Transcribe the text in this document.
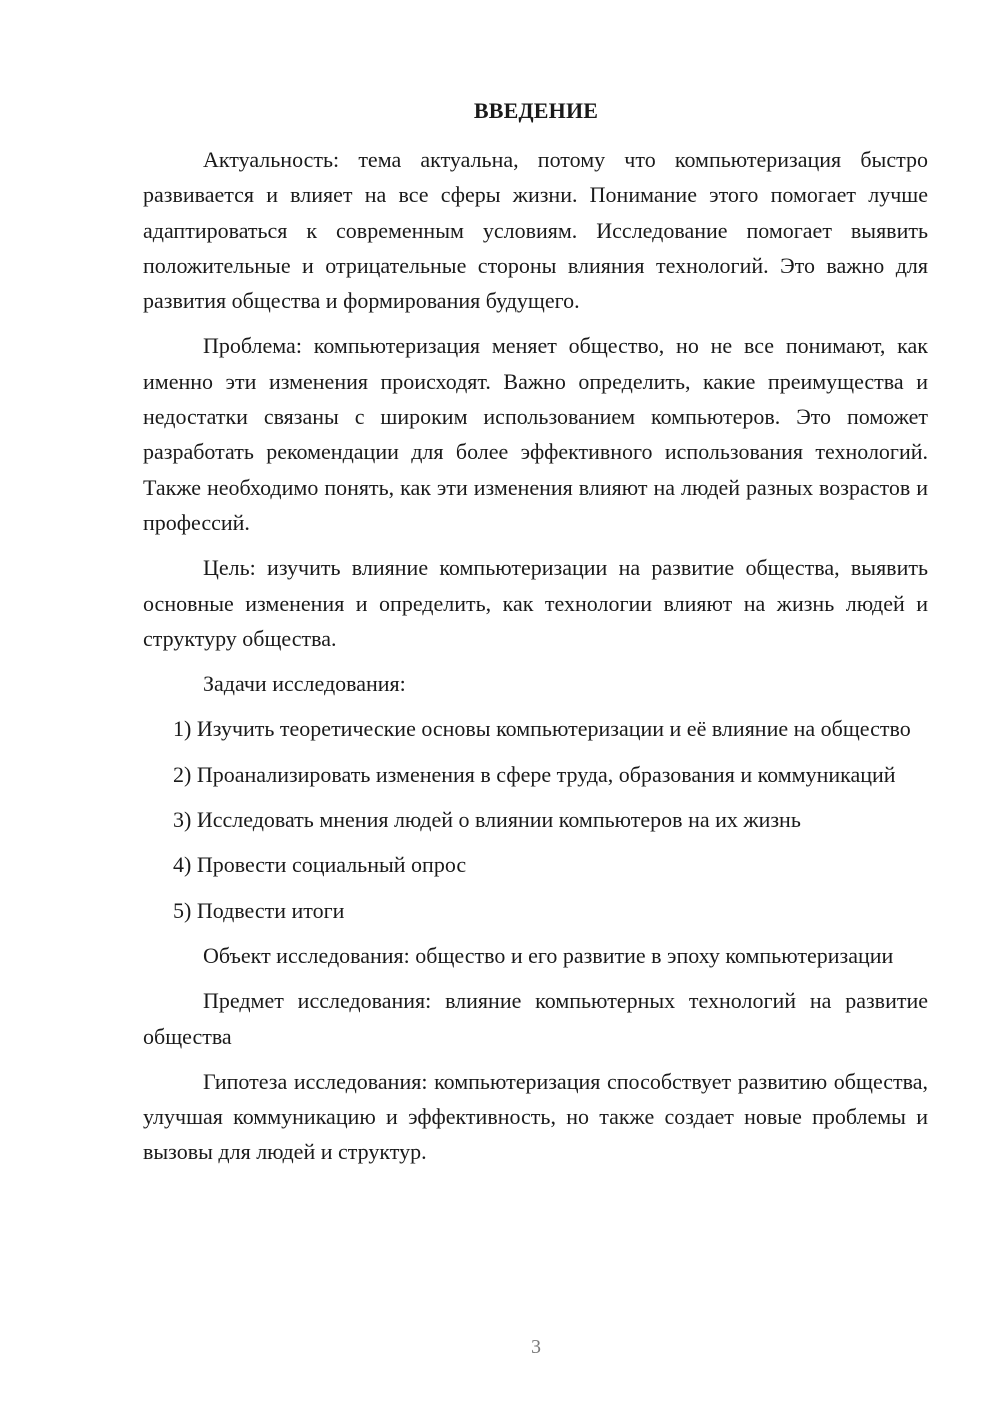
ВВЕДЕНИЕ

Актуальность: тема актуальна, потому что компьютеризация быстро развивается и влияет на все сферы жизни. Понимание этого помогает лучше адаптироваться к современным условиям. Исследование помогает выявить положительные и отрицательные стороны влияния технологий. Это важно для развития общества и формирования будущего.

Проблема: компьютеризация меняет общество, но не все понимают, как именно эти изменения происходят. Важно определить, какие преимущества и недостатки связаны с широким использованием компьютеров. Это поможет разработать рекомендации для более эффективного использования технологий. Также необходимо понять, как эти изменения влияют на людей разных возрастов и профессий.

Цель: изучить влияние компьютеризации на развитие общества, выявить основные изменения и определить, как технологии влияют на жизнь людей и структуру общества.

Задачи исследования:

1) Изучить теоретические основы компьютеризации и её влияние на общество

2) Проанализировать изменения в сфере труда, образования и коммуникаций

3) Исследовать мнения людей о влиянии компьютеров на их жизнь

4) Провести социальный опрос

5) Подвести итоги

Объект исследования: общество и его развитие в эпоху компьютеризации

Предмет исследования: влияние компьютерных технологий на развитие общества

Гипотеза исследования: компьютеризация способствует развитию общества, улучшая коммуникацию и эффективность, но также создает новые проблемы и вызовы для людей и структур.

3
